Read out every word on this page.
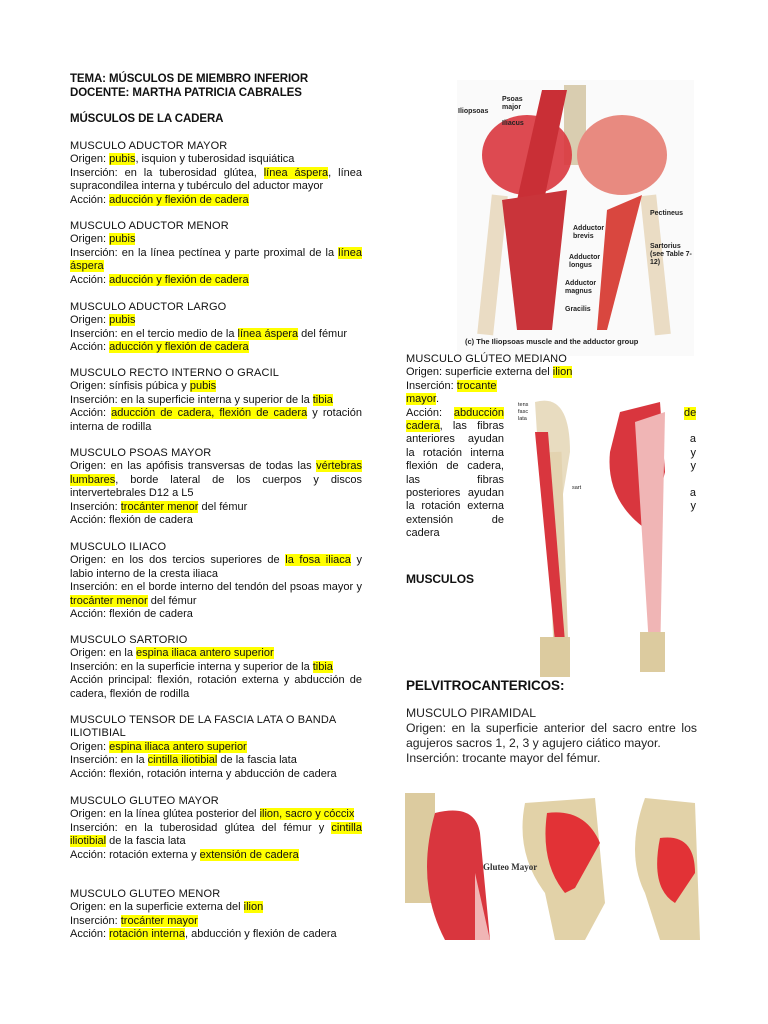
TEMA: MÚSCULOS DE MIEMBRO INFERIOR
DOCENTE: MARTHA PATRICIA CABRALES
MÚSCULOS DE LA CADERA
MUSCULO ADUCTOR MAYOR

Origen: pubis, isquion y tuberosidad isquiática

Inserción: en la tuberosidad glútea, línea áspera, línea supracondilea interna y tubérculo del aductor mayor

Acción: aducción y flexión de cadera

MUSCULO ADUCTOR MENOR

Origen: pubis

Inserción: en la línea pectínea y parte proximal de la línea áspera

Acción: aducción y flexión de cadera

MUSCULO ADUCTOR LARGO

Origen: pubis

Inserción: en el tercio medio de la línea áspera del fémur

Acción: aducción y flexión de cadera

MUSCULO RECTO INTERNO O GRACIL

Origen: sínfisis púbica y pubis

Inserción: en la superficie interna y superior de la tibia

Acción: aducción de cadera, flexión de cadera y rotación interna de rodilla

MUSCULO PSOAS MAYOR

Origen: en las apófisis transversas de todas las vértebras lumbares, borde lateral de los cuerpos y discos intervertebrales D12 a L5

Inserción: trocánter menor del fémur

Acción: flexión de cadera

MUSCULO ILIACO

Origen: en los dos tercios superiores de la fosa iliaca y labio interno de la cresta iliaca

Inserción: en el borde interno del tendón del psoas mayor y trocánter menor del fémur

Acción: flexión de cadera

MUSCULO SARTORIO

Origen: en la espina iliaca antero superior

Inserción: en la superficie interna y superior de la tibia

Acción principal: flexión, rotación externa y abducción de cadera, flexión de rodilla

MUSCULO TENSOR DE LA FASCIA LATA O BANDA ILIOTIBIAL

Origen: espina iliaca antero superior

Inserción: en la cintilla iliotibial de la fascia lata

Acción: flexión, rotación interna y abducción de cadera

MUSCULO GLUTEO MAYOR

Origen: en la línea glútea posterior del ilion, sacro y cóccix

Inserción: en la tuberosidad glútea del fémur y cintilla iliotibial de la fascia lata

Acción: rotación externa y extensión de cadera

MUSCULO GLUTEO MENOR

Origen: en la superficie externa del ilion

Inserción: trocánter mayor

Acción: rotación interna, abducción y flexión de cadera

Iliopsoas
Psoas major
Iliacus
Pectineus
Adductor brevis
Adductor longus
Adductor magnus
Gracilis
Sartorius (see Table 7-12)
(c) The Iliopsoas muscle and the adductor group
tens fasc lata
sart
MUSCULO GLÚTEO MEDIANO
Origen: superficie externa del ilion
Inserción: trocante
mayor.
Acción: abducción	de
cadera, las fibras
anteriores ayudan	a
la rotación interna	y
flexión de cadera,	y
las fibras
posteriores ayudan	a
la rotación externa	y
extensión de
cadera
MUSCULOS
PELVITROCANTERICOS:
MUSCULO PIRAMIDAL

Origen: en la superficie anterior del sacro entre los agujeros sacros 1, 2, 3 y agujero ciático mayor.

Inserción: trocante mayor del fémur.

Gluteo Mayor
